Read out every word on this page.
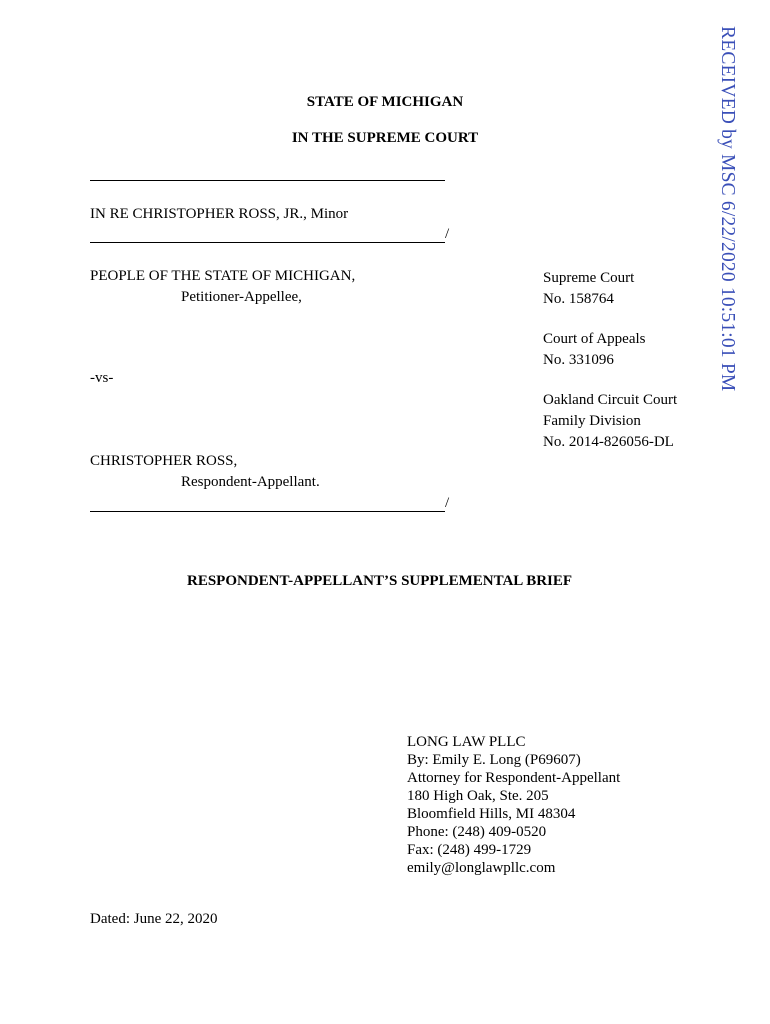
RECEIVED by MSC 6/22/2020 10:51:01 PM
STATE OF MICHIGAN
IN THE SUPREME COURT
IN RE CHRISTOPHER ROSS, JR., Minor
/
PEOPLE OF THE STATE OF MICHIGAN,
Petitioner-Appellee,
-vs-
CHRISTOPHER ROSS,
Respondent-Appellant.
/
Supreme Court
No. 158764
Court of Appeals
No. 331096
Oakland Circuit Court
Family Division
No. 2014-826056-DL
RESPONDENT-APPELLANT’S SUPPLEMENTAL BRIEF
LONG LAW PLLC
By: Emily E. Long (P69607)
Attorney for Respondent-Appellant
180 High Oak, Ste. 205
Bloomfield Hills, MI 48304
Phone: (248) 409-0520
Fax: (248) 499-1729
emily@longlawpllc.com
Dated: June 22, 2020
